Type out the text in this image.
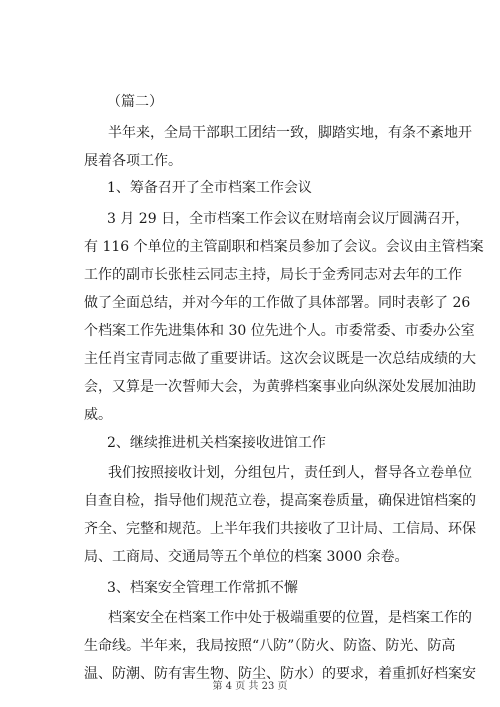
（篇二）
半年来，全局干部职工团结一致，脚踏实地，有条不紊地开
展着各项工作。
1、筹备召开了全市档案工作会议
3 月 29 日，全市档案工作会议在财培南会议厅圆满召开，
有 116 个单位的主管副职和档案员参加了会议。会议由主管档案
工作的副市长张桂云同志主持，局长于金秀同志对去年的工作
做了全面总结，并对今年的工作做了具体部署。同时表彰了 26
个档案工作先进集体和 30 位先进个人。市委常委、市委办公室
主任肖宝青同志做了重要讲话。这次会议既是一次总结成绩的大
会，又算是一次誓师大会，为黄骅档案事业向纵深处发展加油助
威。
2、继续推进机关档案接收进馆工作
我们按照接收计划，分组包片，责任到人，督导各立卷单位
自查自检，指导他们规范立卷，提高案卷质量，确保进馆档案的
齐全、完整和规范。上半年我们共接收了卫计局、工信局、环保
局、工商局、交通局等五个单位的档案 3000 余卷。
3、档案安全管理工作常抓不懈
档案安全在档案工作中处于极端重要的位置，是档案工作的
生命线。半年来，我局按照“八防”（防火、防盗、防光、防高
温、防潮、防有害生物、防尘、防水）的要求，着重抓好档案安
第 4 页 共 23 页
